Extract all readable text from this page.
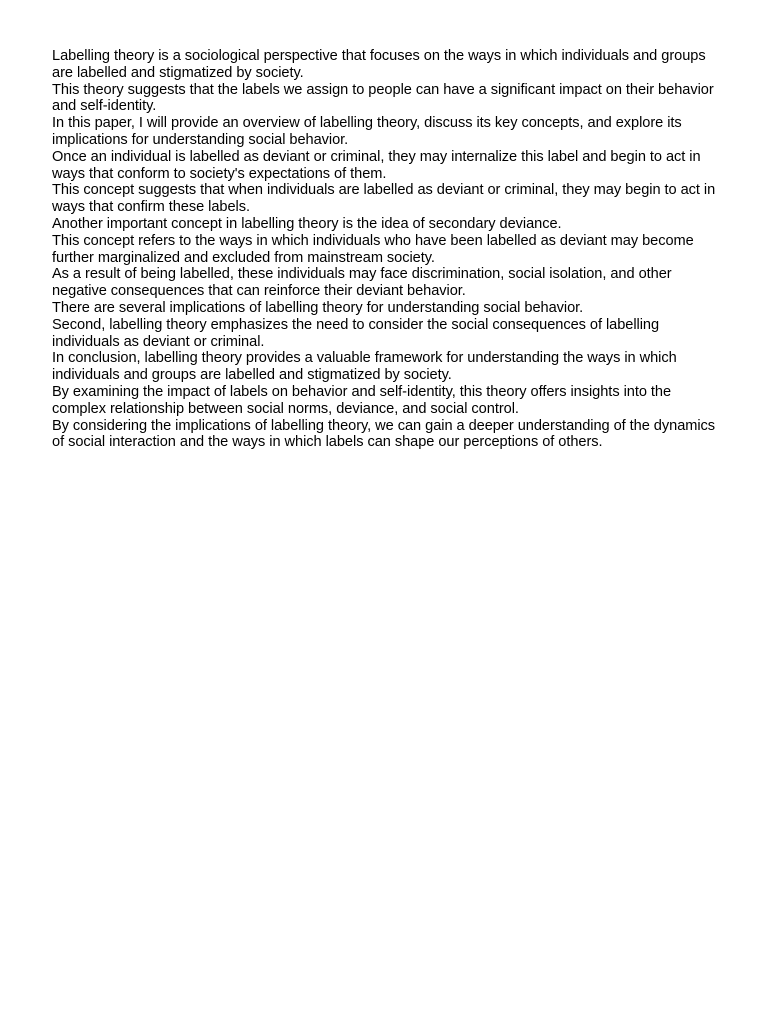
Labelling theory is a sociological perspective that focuses on the ways in which individuals and groups are labelled and stigmatized by society.

This theory suggests that the labels we assign to people can have a significant impact on their behavior and self-identity.

In this paper, I will provide an overview of labelling theory, discuss its key concepts, and explore its implications for understanding social behavior.

Once an individual is labelled as deviant or criminal, they may internalize this label and begin to act in ways that conform to society's expectations of them.

This concept suggests that when individuals are labelled as deviant or criminal, they may begin to act in ways that confirm these labels.

Another important concept in labelling theory is the idea of secondary deviance.

This concept refers to the ways in which individuals who have been labelled as deviant may become further marginalized and excluded from mainstream society.

As a result of being labelled, these individuals may face discrimination, social isolation, and other negative consequences that can reinforce their deviant behavior.

There are several implications of labelling theory for understanding social behavior.

Second, labelling theory emphasizes the need to consider the social consequences of labelling individuals as deviant or criminal.

In conclusion, labelling theory provides a valuable framework for understanding the ways in which individuals and groups are labelled and stigmatized by society.

By examining the impact of labels on behavior and self-identity, this theory offers insights into the complex relationship between social norms, deviance, and social control.

By considering the implications of labelling theory, we can gain a deeper understanding of the dynamics of social interaction and the ways in which labels can shape our perceptions of others.
